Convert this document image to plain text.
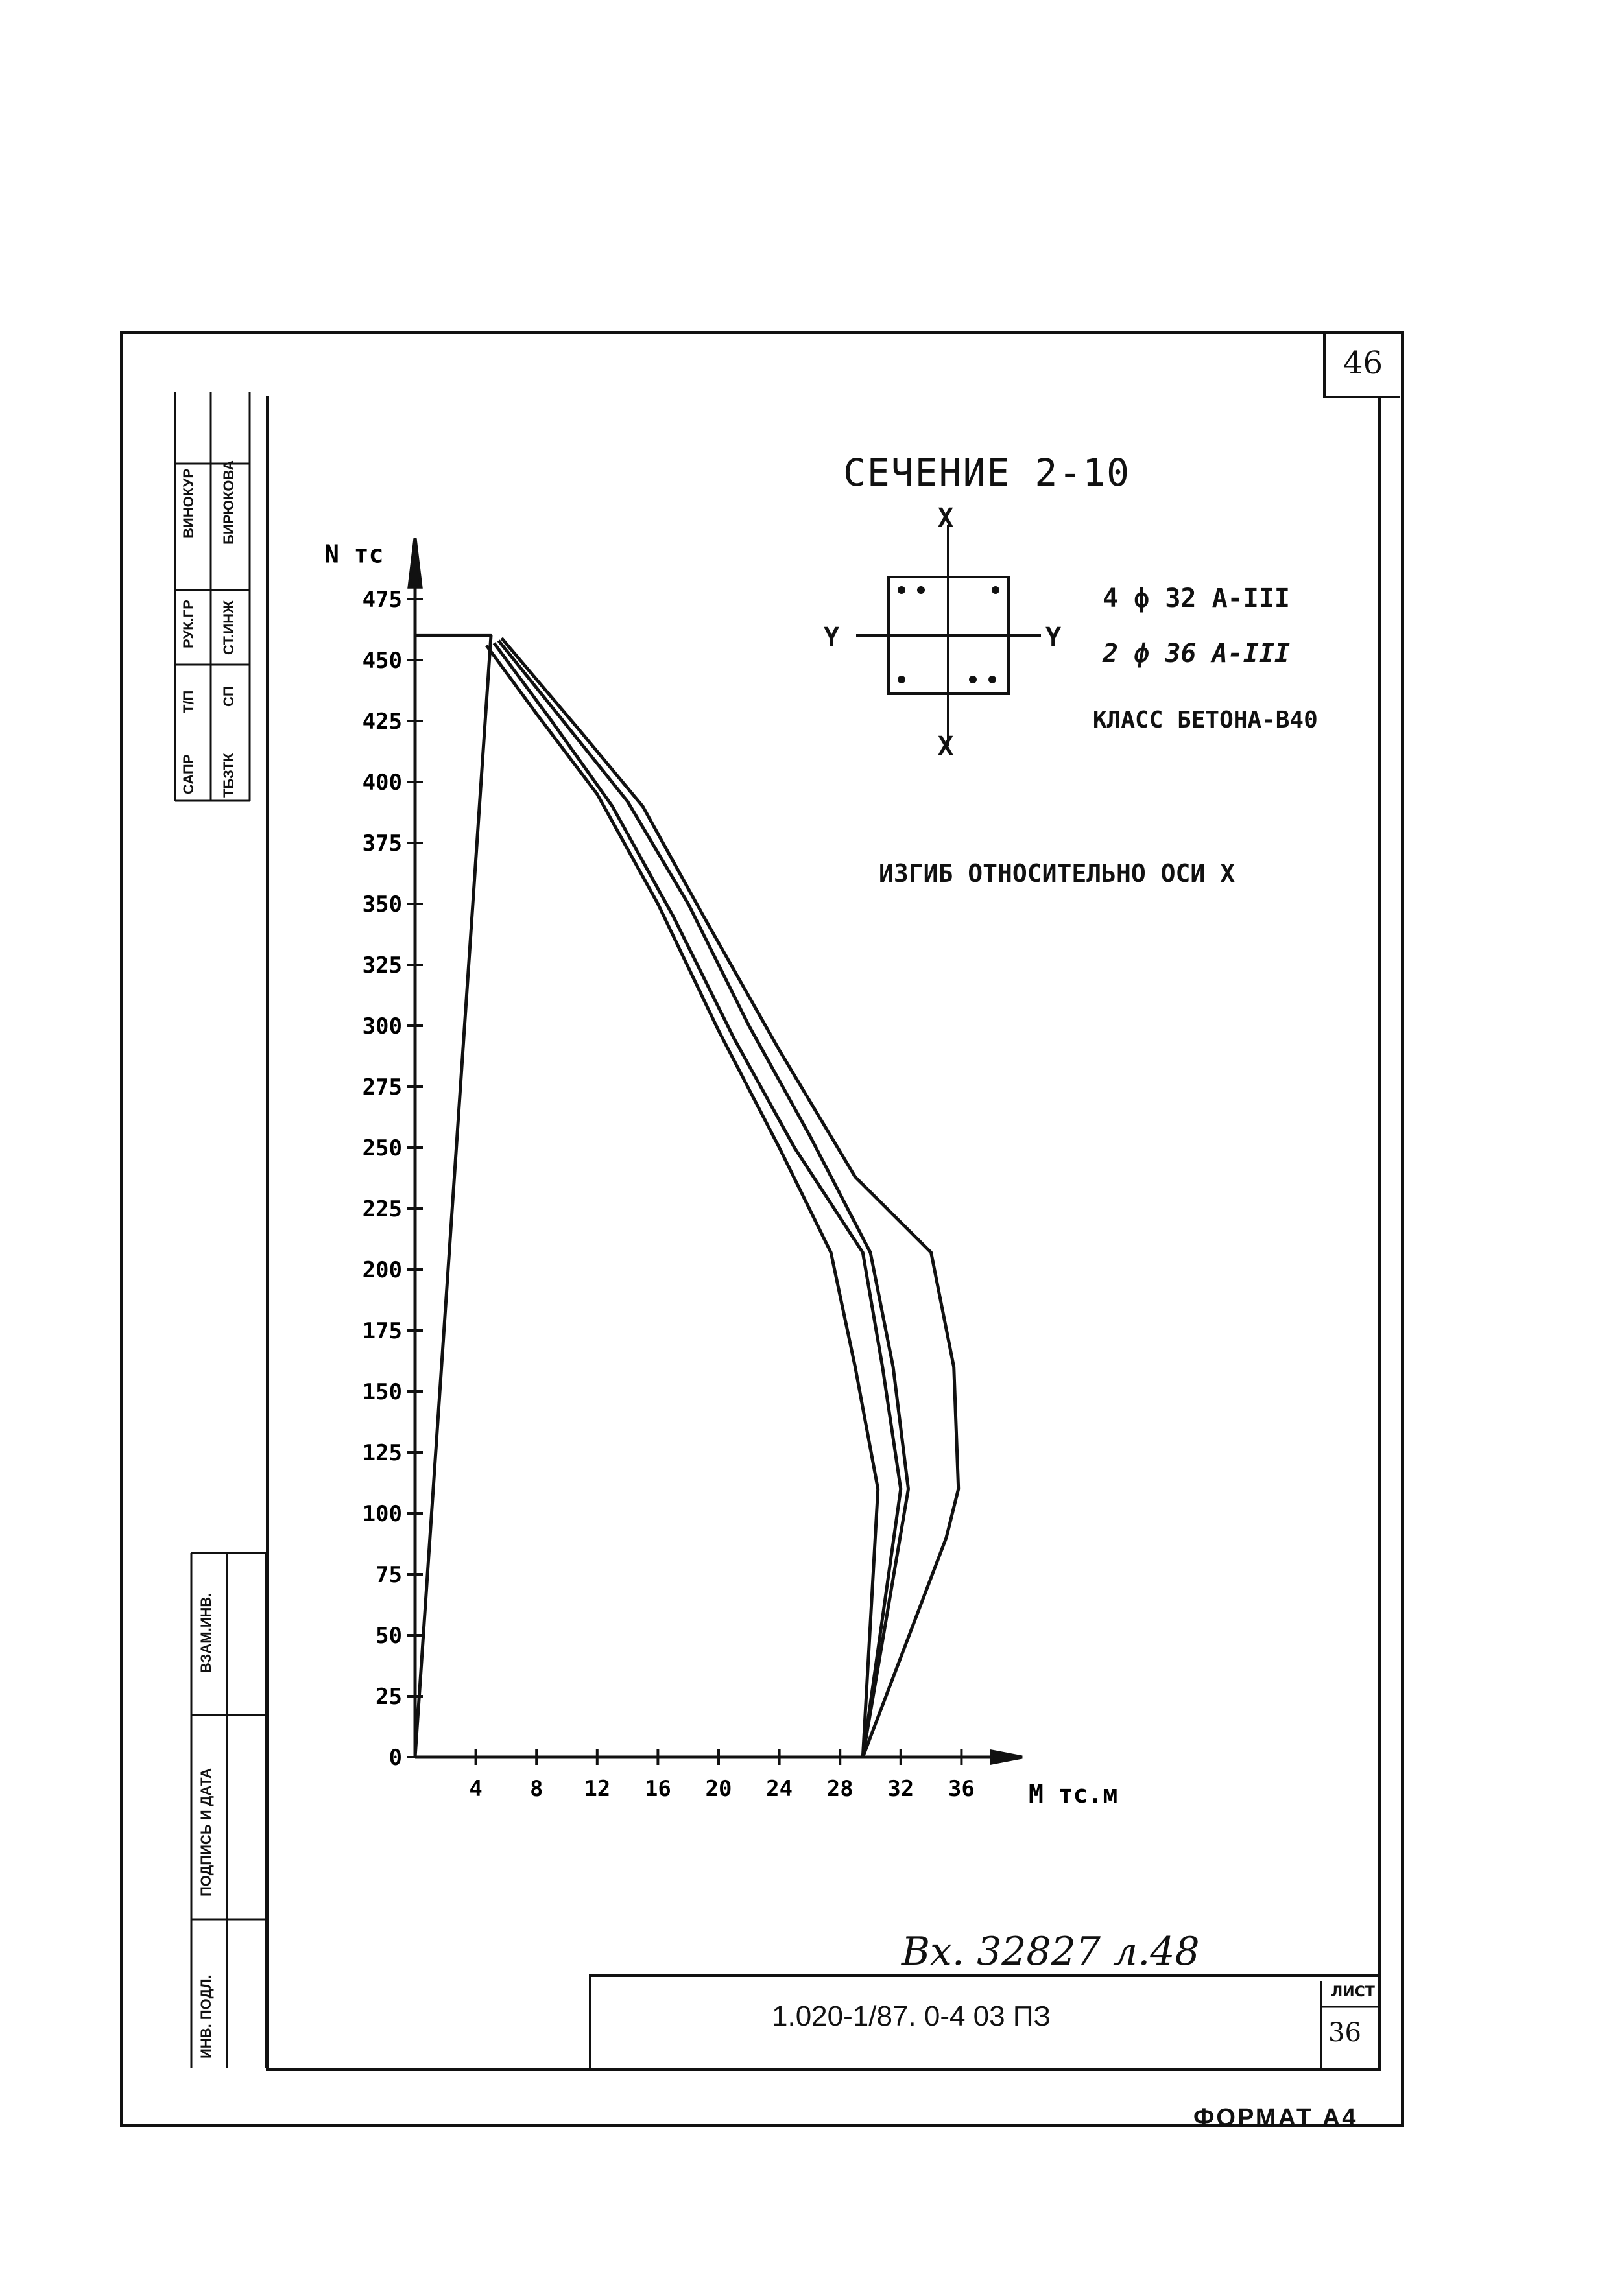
46
ВИНОКУР БИРЮКОВА
РУК.ГР СТ.ИНЖ
Т/П СП
САПР ТБЗТК
ВЗАМ.ИНВ.
ПОДПИСЬ И ДАТА
ИНВ. ПОДЛ.
СЕЧЕНИЕ 2-10
X
X
Y	Y
4 ф 32 А-III
2 ф 36 А-III
КЛАСС БЕТОНА-В40
ИЗГИБ ОТНОСИТЕЛЬНО ОСИ X
0
25
50
75
100
125
150
175
200
225
250
275
300
325
350
375
400
425
450
475
4 8 12 16 20 24 28 32 36
N тс
M тс.м
Вх. 32827 л.48
1.020-1/87. 0-4 03 ПЗ
ЛИСТ
36
ФОРМАТ А4
